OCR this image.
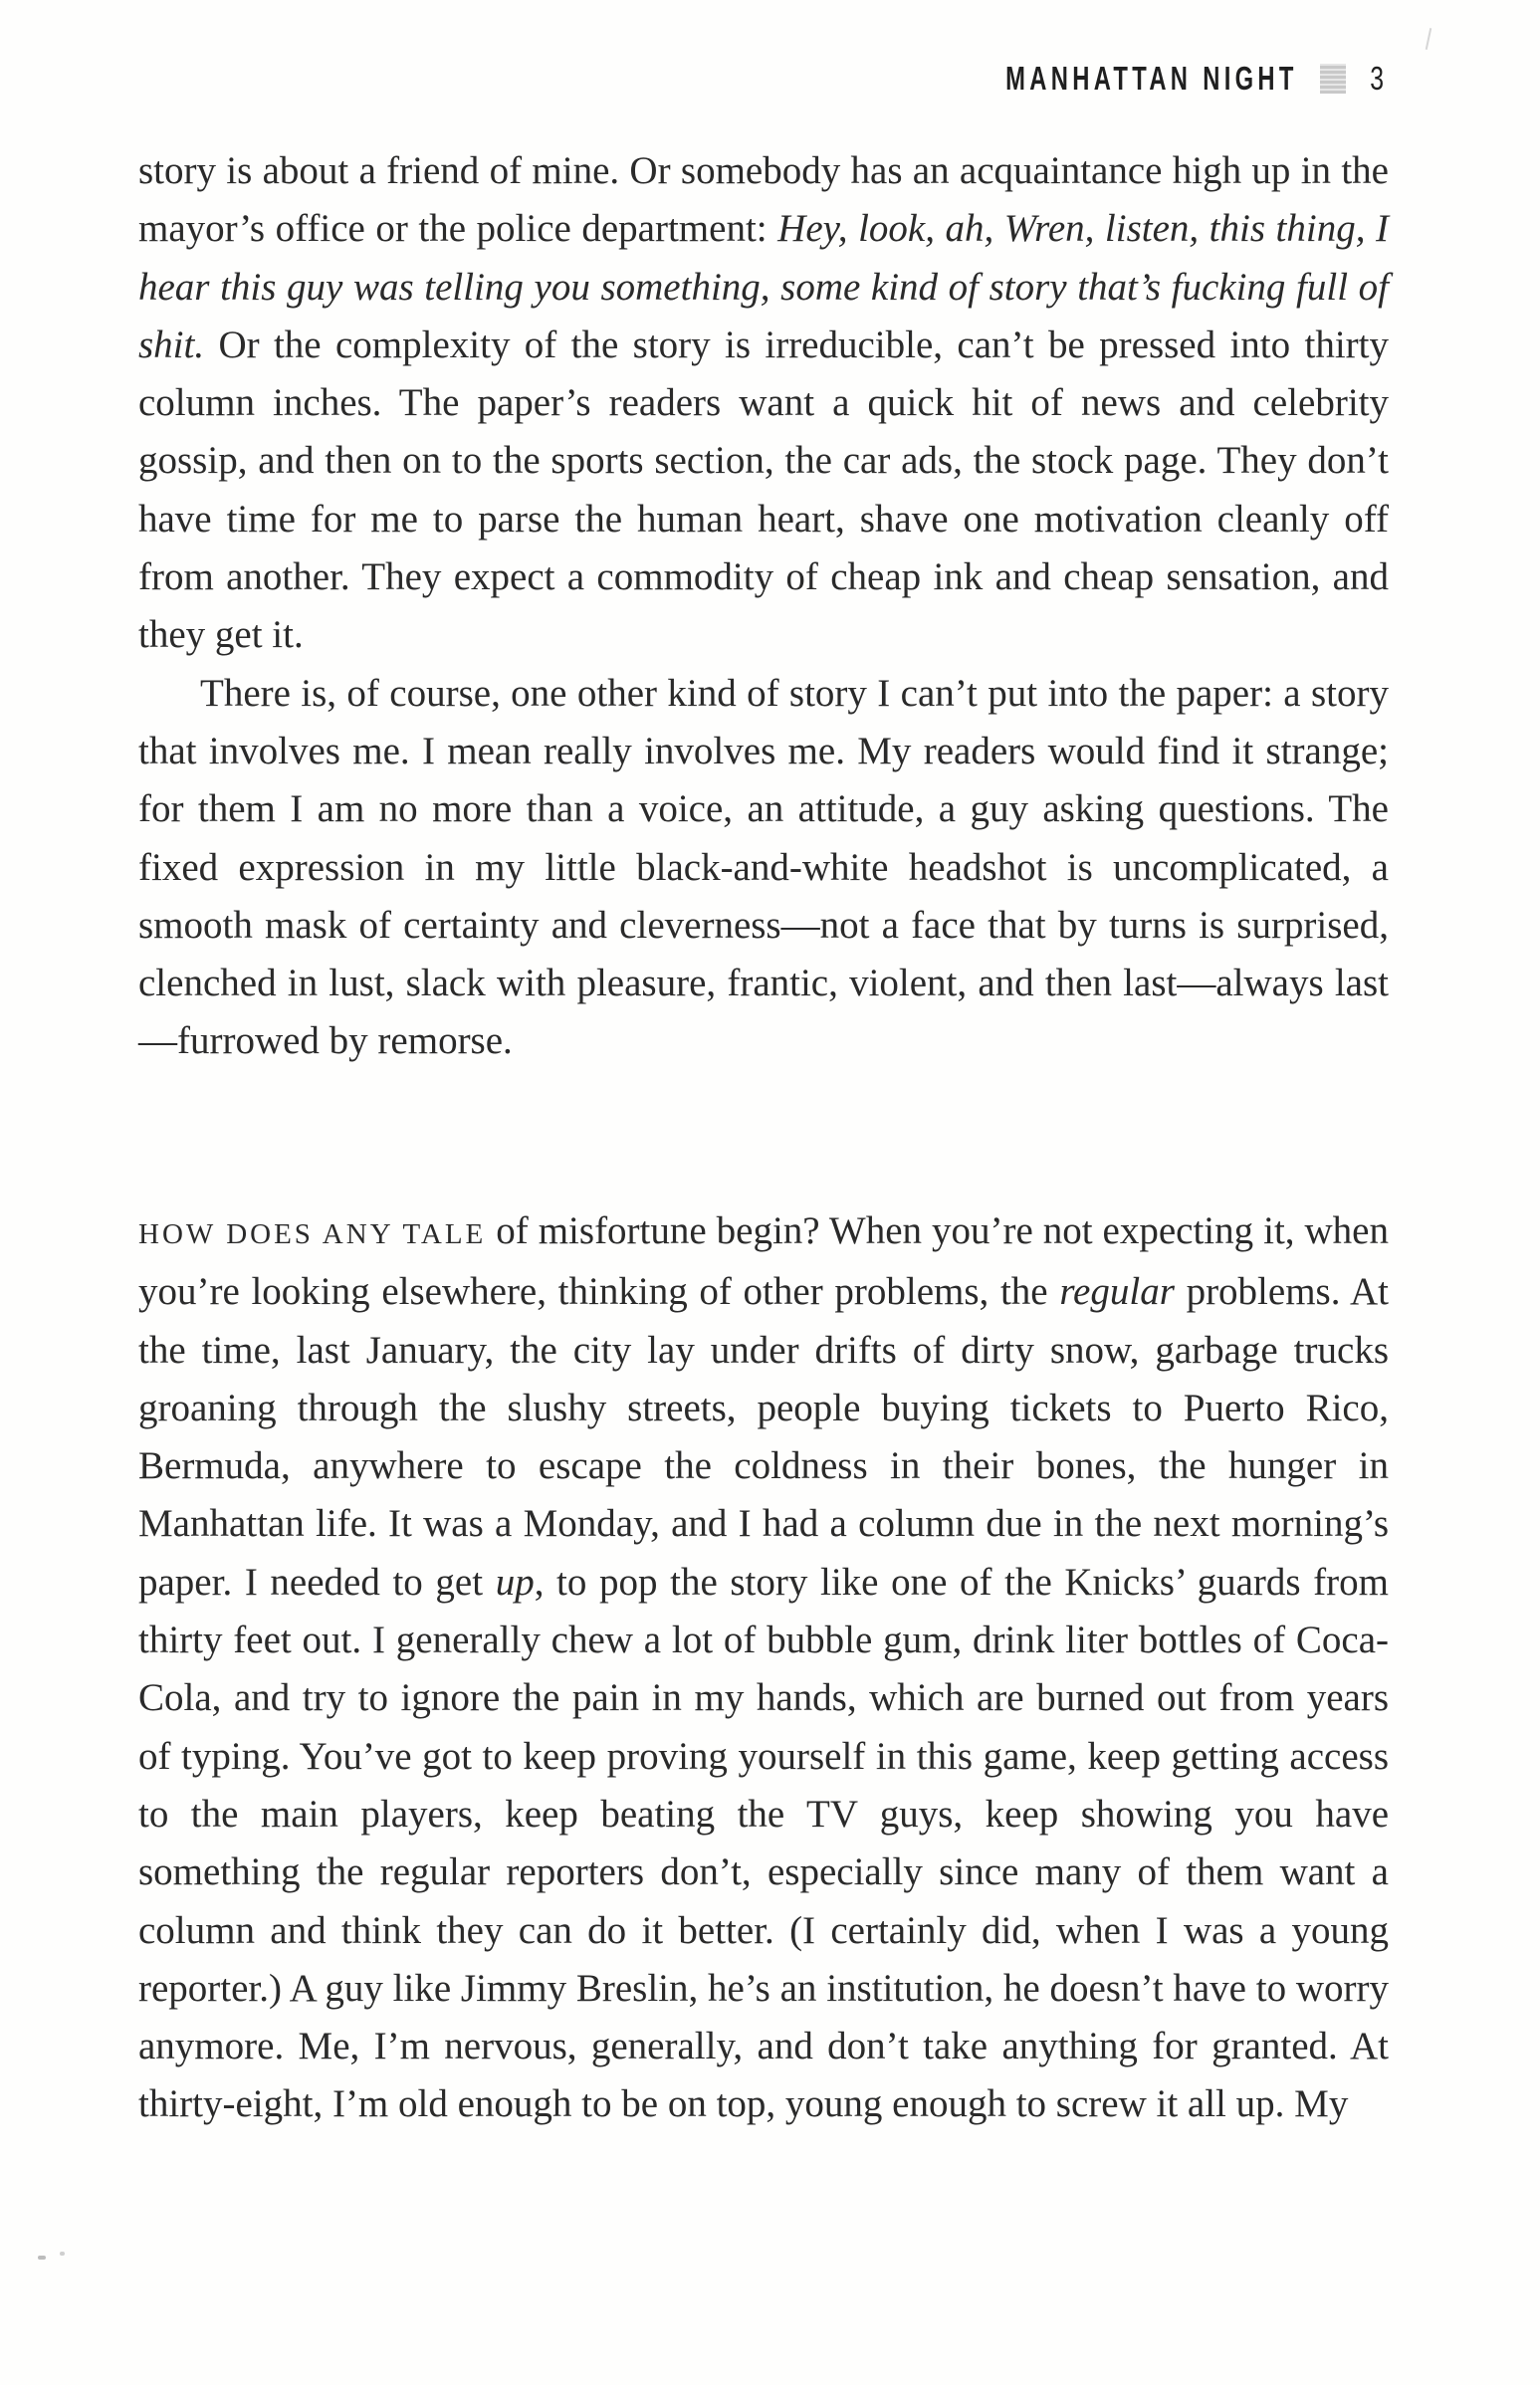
MANHATTAN NIGHT 3

story is about a friend of mine. Or somebody has an acquaintance high up in the mayor’s office or the police department: Hey, look, ah, Wren, listen, this thing, I hear this guy was telling you something, some kind of story that’s fucking full of shit. Or the complexity of the story is irreducible, can’t be pressed into thirty column inches. The paper’s readers want a quick hit of news and celebrity gossip, and then on to the sports section, the car ads, the stock page. They don’t have time for me to parse the human heart, shave one motivation cleanly off from another. They expect a commodity of cheap ink and cheap sensation, and they get it.

There is, of course, one other kind of story I can’t put into the paper: a story that involves me. I mean really involves me. My readers would find it strange; for them I am no more than a voice, an attitude, a guy asking questions. The fixed expression in my little black-and-white headshot is uncomplicated, a smooth mask of certainty and cleverness—not a face that by turns is surprised, clenched in lust, slack with pleasure, frantic, violent, and then last—always last—furrowed by remorse.

HOW DOES ANY TALE of misfortune begin? When you’re not expecting it, when you’re looking elsewhere, thinking of other problems, the regular problems. At the time, last January, the city lay under drifts of dirty snow, garbage trucks groaning through the slushy streets, people buying tickets to Puerto Rico, Bermuda, anywhere to escape the coldness in their bones, the hunger in Manhattan life. It was a Monday, and I had a column due in the next morning’s paper. I needed to get up, to pop the story like one of the Knicks’ guards from thirty feet out. I generally chew a lot of bubble gum, drink liter bottles of Coca-Cola, and try to ignore the pain in my hands, which are burned out from years of typing. You’ve got to keep proving yourself in this game, keep getting access to the main players, keep beating the TV guys, keep showing you have something the regular reporters don’t, especially since many of them want a column and think they can do it better. (I certainly did, when I was a young reporter.) A guy like Jimmy Breslin, he’s an institution, he doesn’t have to worry anymore. Me, I’m nervous, generally, and don’t take anything for granted. At thirty-eight, I’m old enough to be on top, young enough to screw it all up. My
